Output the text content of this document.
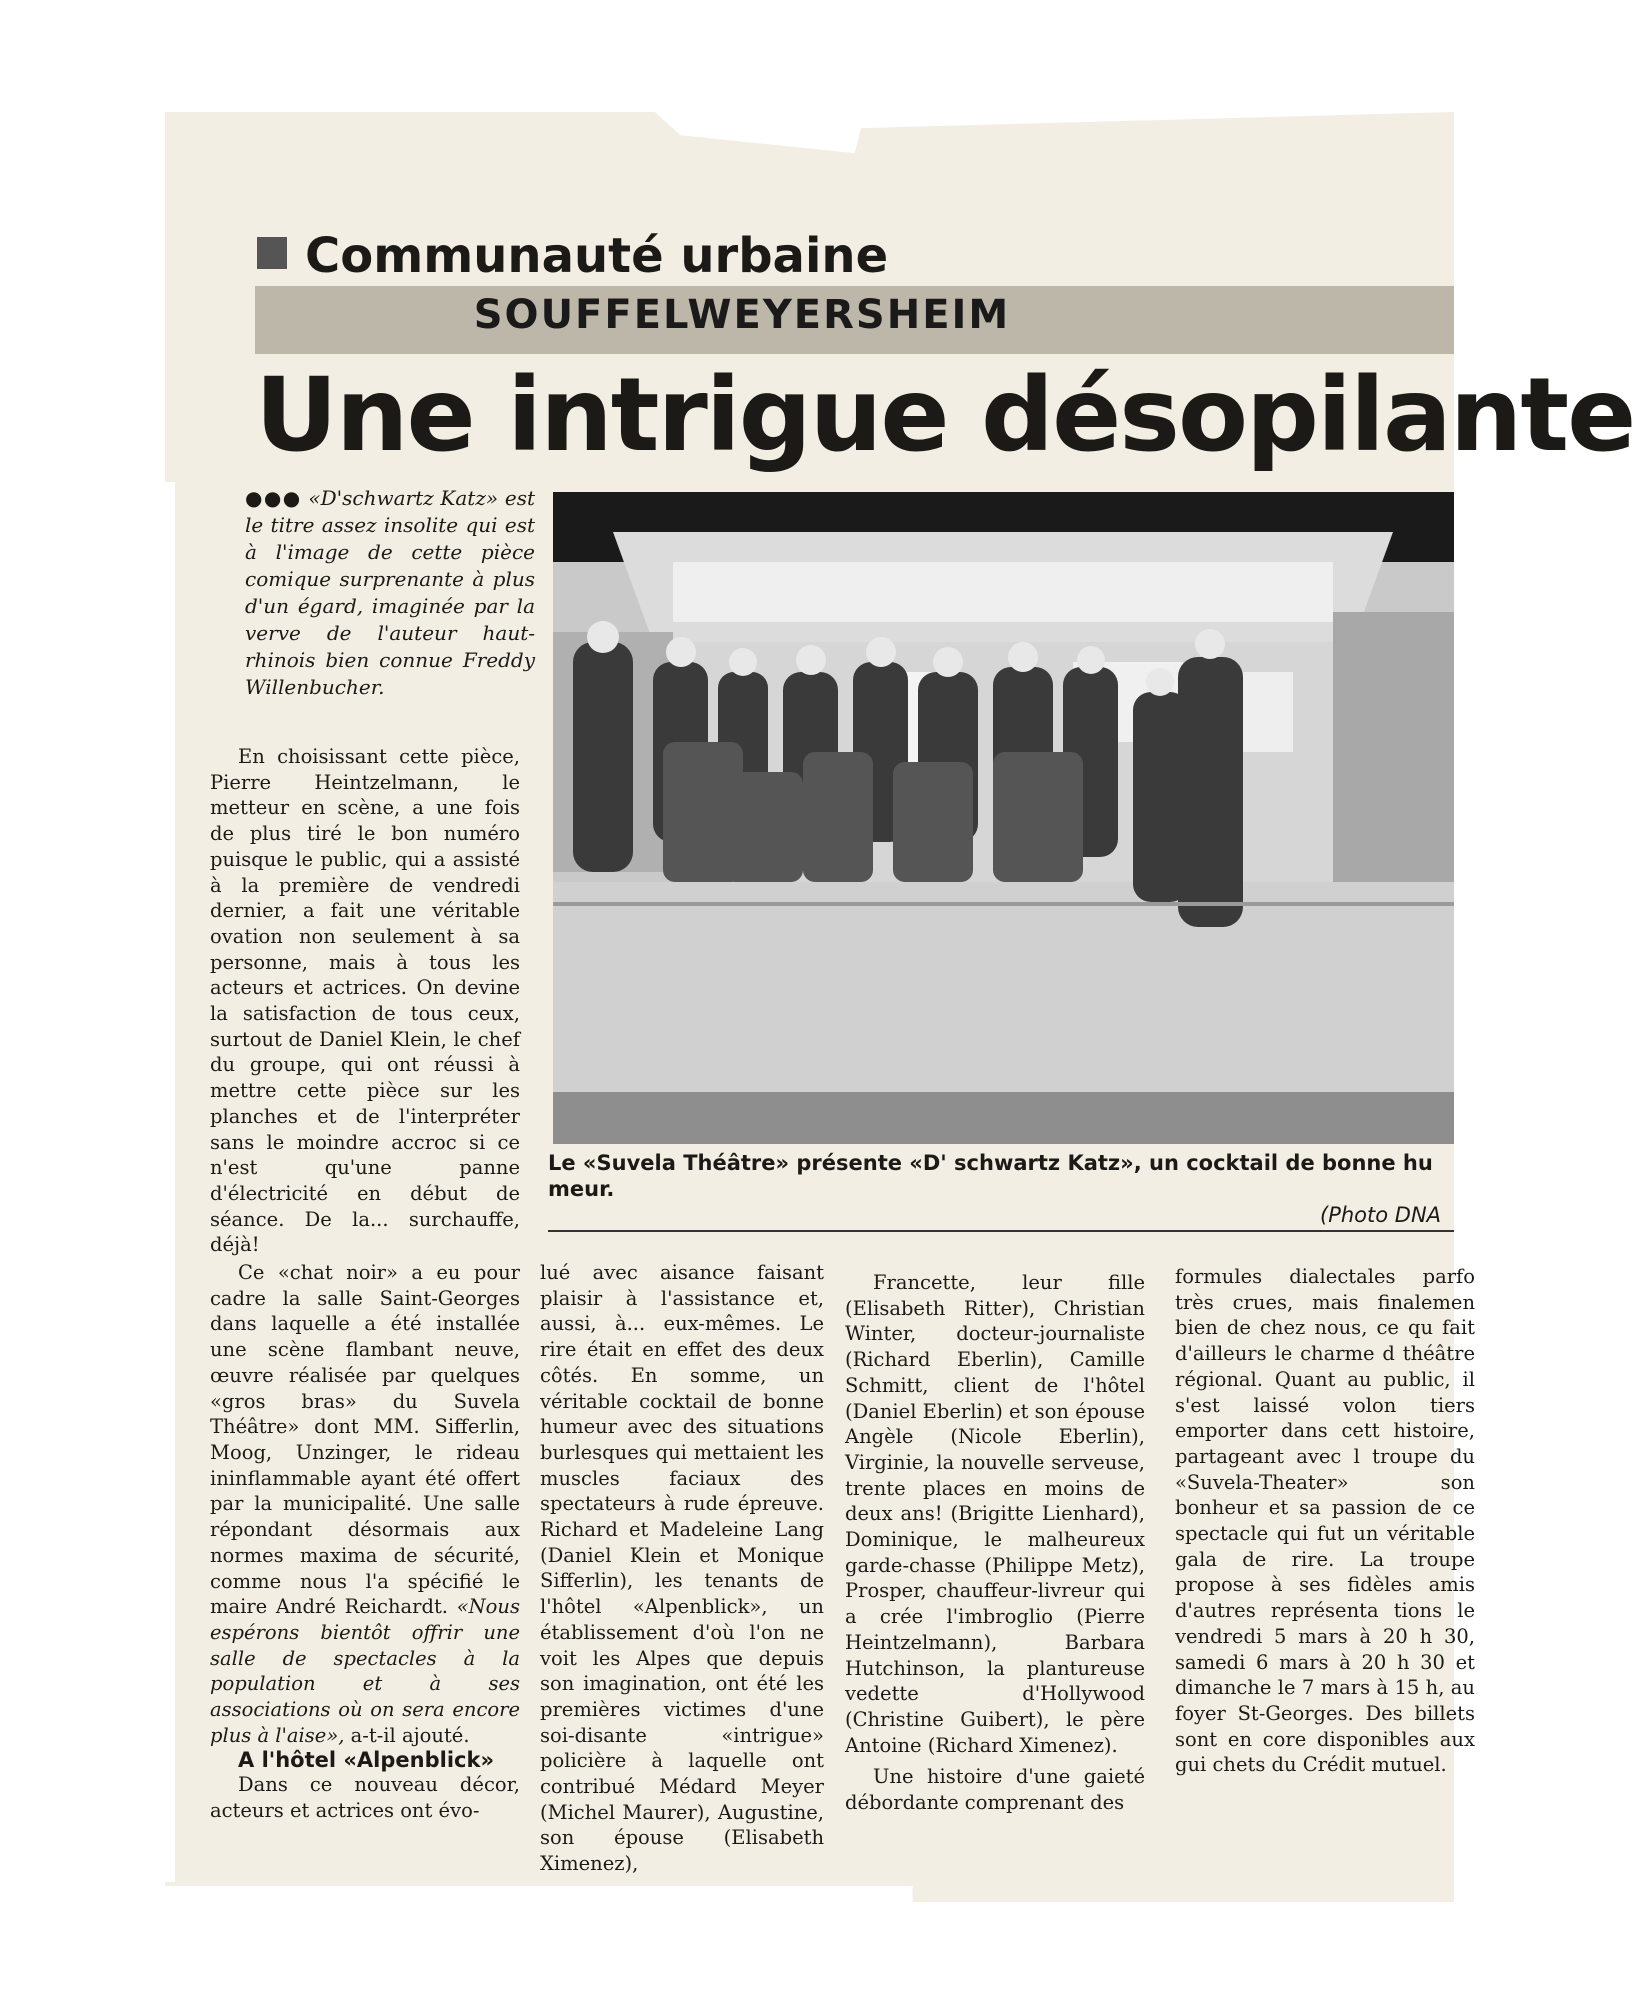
Communauté urbaine
SOUFFELWEYERSHEIM
Une intrigue désopilante
●●● «D'schwartz Katz» est le titre assez insolite qui est à l'image de cette pièce comique surprenante à plus d'un égard, imaginée par la verve de l'auteur haut-rhinois bien connue Freddy Willenbucher.

En choisissant cette pièce, Pierre Heintzelmann, le metteur en scène, a une fois de plus tiré le bon numéro puisque le public, qui a assisté à la première de vendredi dernier, a fait une véritable ovation non seulement à sa personne, mais à tous les acteurs et actrices. On devine la satisfaction de tous ceux, surtout de Daniel Klein, le chef du groupe, qui ont réussi à mettre cette pièce sur les planches et de l'interpréter sans le moindre accroc si ce n'est qu'une panne d'électricité en début de séance. De la... surchauffe, déjà!

Ce «chat noir» a eu pour cadre la salle Saint-Georges dans laquelle a été installée une scène flambant neuve, œuvre réalisée par quelques «gros bras» du Suvela Théâtre» dont MM. Sifferlin, Moog, Unzinger, le rideau ininflammable ayant été offert par la municipalité. Une salle répondant désormais aux normes maxima de sécurité, comme nous l'a spécifié le maire André Reichardt. «Nous espérons bientôt offrir une salle de spectacles à la population et à ses associations où on sera encore plus à l'aise», a-t-il ajouté.

A l'hôtel «Alpenblick»

Dans ce nouveau décor, acteurs et actrices ont évo-

lué avec aisance faisant plaisir à l'assistance et, aussi, à... eux-mêmes. Le rire était en effet des deux côtés. En somme, un véritable cocktail de bonne humeur avec des situations burlesques qui mettaient les muscles faciaux des spectateurs à rude épreuve. Richard et Madeleine Lang (Daniel Klein et Monique Sifferlin), les tenants de l'hôtel «Alpenblick», un établissement d'où l'on ne voit les Alpes que depuis son imagination, ont été les premières victimes d'une soi-disante «intrigue» policière à laquelle ont contribué Médard Meyer (Michel Maurer), Augustine, son épouse (Elisabeth Ximenez),

Francette, leur fille (Elisabeth Ritter), Christian Winter, docteur-journaliste (Richard Eberlin), Camille Schmitt, client de l'hôtel (Daniel Eberlin) et son épouse Angèle (Nicole Eberlin), Virginie, la nouvelle serveuse, trente places en moins de deux ans! (Brigitte Lienhard), Dominique, le malheureux garde-chasse (Philippe Metz), Prosper, chauffeur-livreur qui a crée l'imbroglio (Pierre Heintzelmann), Barbara Hutchinson, la plantureuse vedette d'Hollywood (Christine Guibert), le père Antoine (Richard Ximenez).

Une histoire d'une gaieté débordante comprenant des

formules dialectales parfo très crues, mais finalemen bien de chez nous, ce qu fait d'ailleurs le charme d théâtre régional. Quant au public, il s'est laissé volon tiers emporter dans cett histoire, partageant avec l troupe du «Suvela-Theater» son bonheur et sa passion de ce spectacle qui fut un véritable gala de rire. La troupe propose à ses fidèles amis d'autres représenta tions le vendredi 5 mars à 20 h 30, samedi 6 mars à 20 h 30 et dimanche le 7 mars à 15 h, au foyer St-Georges. Des billets sont en core disponibles aux gui chets du Crédit mutuel.

Le «Suvela Théâtre» présente «D' schwartz Katz», un cocktail de bonne hu
meur.
(Photo DNA
